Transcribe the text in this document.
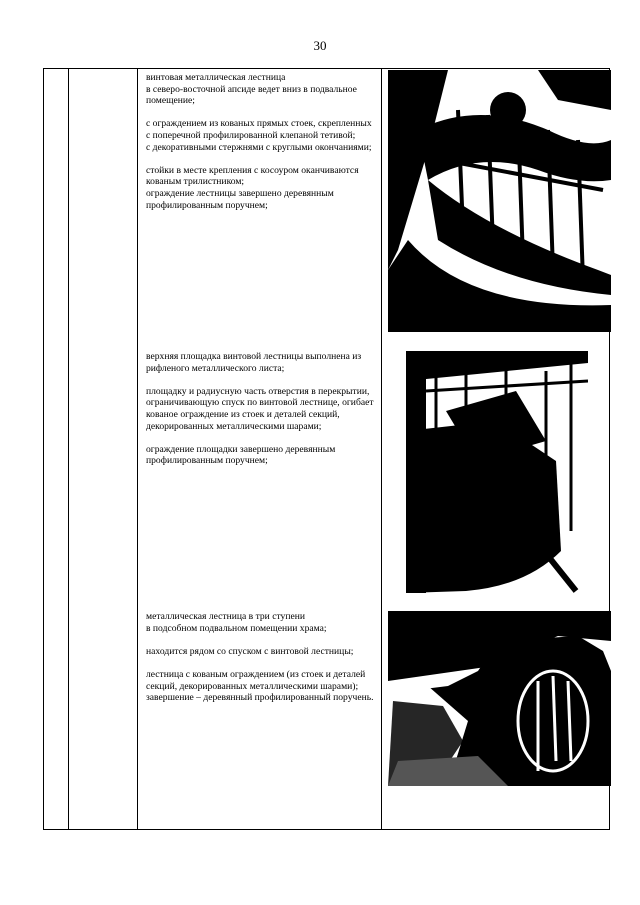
30

винтовая металлическая лестница
в северо-восточной апсиде ведет вниз в подвальное помещение;

с ограждением из кованых прямых стоек, скрепленных с поперечной профилированной клепаной тетивой;
с декоративными стержнями с круглыми окончаниями;

стойки в месте крепления с косоуром оканчиваются кованым трилистником;
ограждение лестницы завершено деревянным профилированным поручнем;

верхняя площадка винтовой лестницы выполнена из рифленого металлического листа;

площадку и радиусную часть отверстия в перекрытии, ограничивающую спуск по винтовой лестнице, огибает кованое ограждение из стоек и деталей секций, декорированных металлическими шарами;

ограждение площадки завершено деревянным профилированным поручнем;

металлическая лестница в три ступени
в подсобном подвальном помещении храма;

находится рядом со спуском с винтовой лестницы;

лестница с кованым ограждением (из стоек и деталей секций, декорированных металлическими шарами);
завершение – деревянный профилированный поручень.
